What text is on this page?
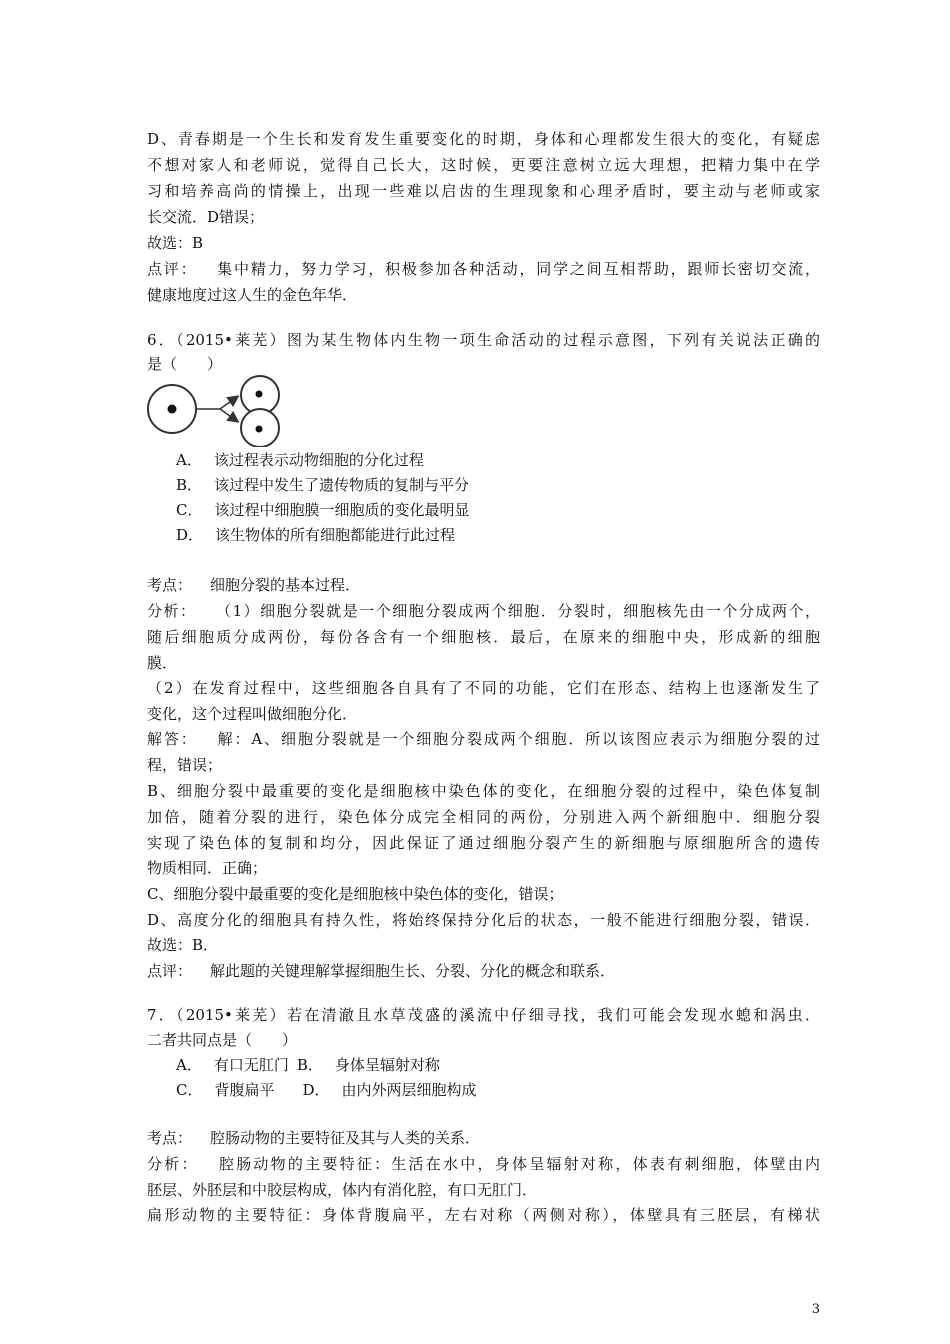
D、青春期是一个生长和发育发生重要变化的时期，身体和心理都发生很大的变化，有疑虑
不想对家人和老师说，觉得自己长大，这时候，更要注意树立远大理想，把精力集中在学
习和培养高尚的情操上，出现一些难以启齿的生理现象和心理矛盾时，要主动与老师或家
长交流．D错误；
故选：B
点评： 集中精力，努力学习，积极参加各种活动，同学之间互相帮助，跟师长密切交流，
健康地度过这人生的金色年华．
6．（2015•莱芜）图为某生物体内生物一项生命活动的过程示意图，下列有关说法正确的
是（　　）
A． 该过程表示动物细胞的分化过程
B． 该过程中发生了遗传物质的复制与平分
C． 该过程中细胞膜一细胞质的变化最明显
D． 该生物体的所有细胞都能进行此过程
考点： 细胞分裂的基本过程．
分析： （1）细胞分裂就是一个细胞分裂成两个细胞．分裂时，细胞核先由一个分成两个，
随后细胞质分成两份，每份各含有一个细胞核．最后，在原来的细胞中央，形成新的细胞
膜．
（2）在发育过程中，这些细胞各自具有了不同的功能，它们在形态、结构上也逐渐发生了
变化，这个过程叫做细胞分化．
解答： 解：A、细胞分裂就是一个细胞分裂成两个细胞．所以该图应表示为细胞分裂的过
程，错误；
B、细胞分裂中最重要的变化是细胞核中染色体的变化，在细胞分裂的过程中，染色体复制
加倍，随着分裂的进行，染色体分成完全相同的两份，分别进入两个新细胞中．细胞分裂
实现了染色体的复制和均分，因此保证了通过细胞分裂产生的新细胞与原细胞所含的遗传
物质相同．正确；
C、细胞分裂中最重要的变化是细胞核中染色体的变化，错误；
D、高度分化的细胞具有持久性，将始终保持分化后的状态，一般不能进行细胞分裂，错误．
故选：B．
点评： 解此题的关键理解掌握细胞生长、分裂、分化的概念和联系．
7．（2015•莱芜）若在清澈且水草茂盛的溪流中仔细寻找，我们可能会发现水螅和涡虫．
二者共同点是（　　）
A． 有口无肛门 B． 身体呈辐射对称
C． 背腹扁平 D． 由内外两层细胞构成
考点： 腔肠动物的主要特征及其与人类的关系．
分析： 腔肠动物的主要特征：生活在水中，身体呈辐射对称，体表有刺细胞，体壁由内
胚层、外胚层和中胶层构成，体内有消化腔，有口无肛门．
扁形动物的主要特征：身体背腹扁平，左右对称（两侧对称），体壁具有三胚层，有梯状
3
